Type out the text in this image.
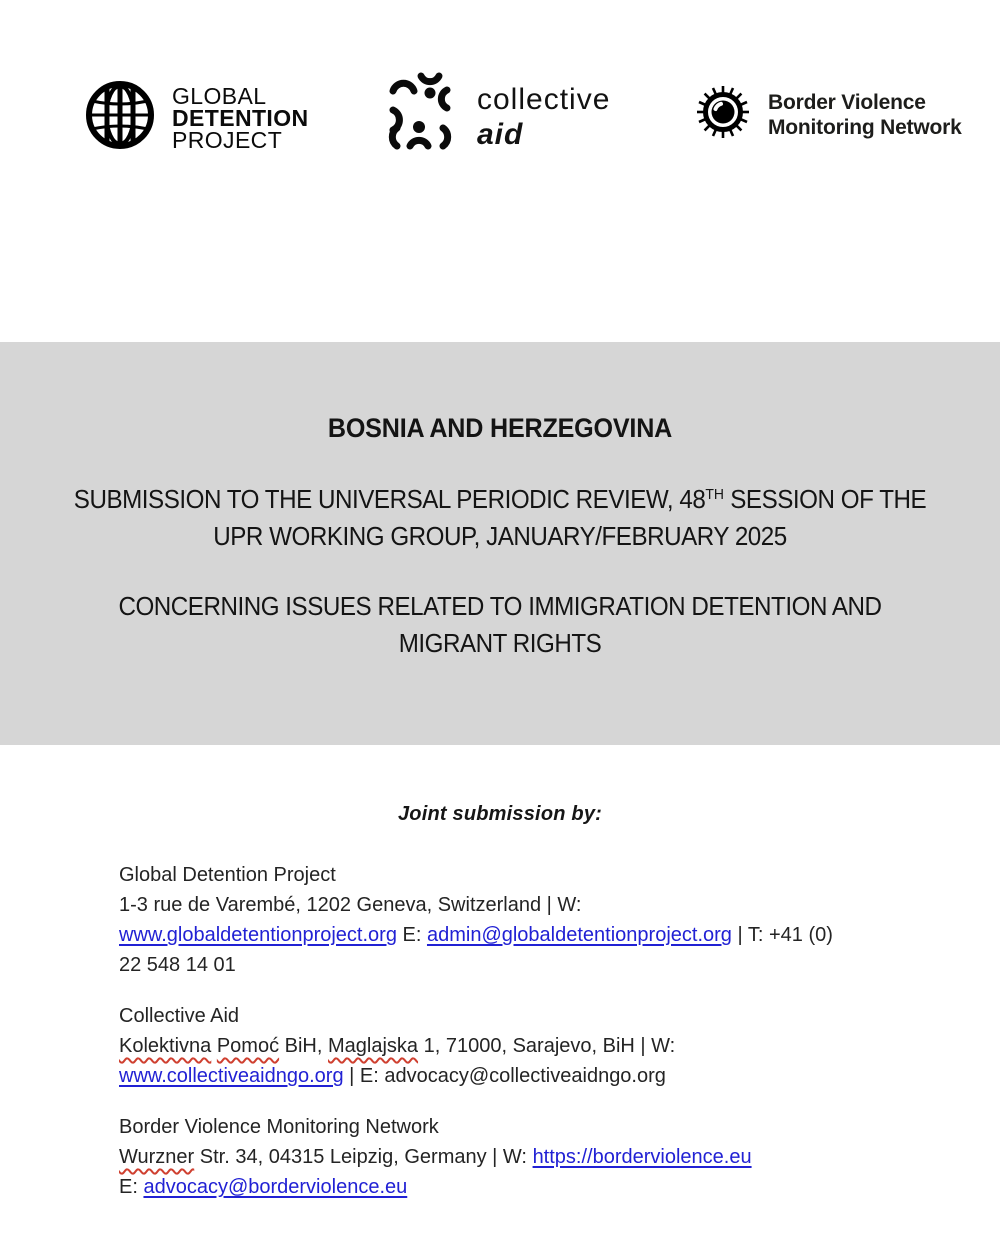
GLOBAL
DETENTION
PROJECT
collective
aid
Border Violence
Monitoring Network
BOSNIA AND HERZEGOVINA
SUBMISSION TO THE UNIVERSAL PERIODIC REVIEW, 48TH SESSION OF THE
UPR WORKING GROUP, JANUARY/FEBRUARY 2025
CONCERNING ISSUES RELATED TO IMMIGRATION DETENTION AND
MIGRANT RIGHTS
Joint submission by:

Global Detention Project

1-3 rue de Varembé, 1202 Geneva, Switzerland | W:

www.globaldetentionproject.org E: admin@globaldetentionproject.org | T: +41 (0)

22 548 14 01

Collective Aid

Kolektivna Pomoć BiH, Maglajska 1, 71000, Sarajevo, BiH | W:

www.collectiveaidngo.org | E: advocacy@collectiveaidngo.org

Border Violence Monitoring Network

Wurzner Str. 34, 04315 Leipzig, Germany | W: https://borderviolence.eu

E: advocacy@borderviolence.eu
